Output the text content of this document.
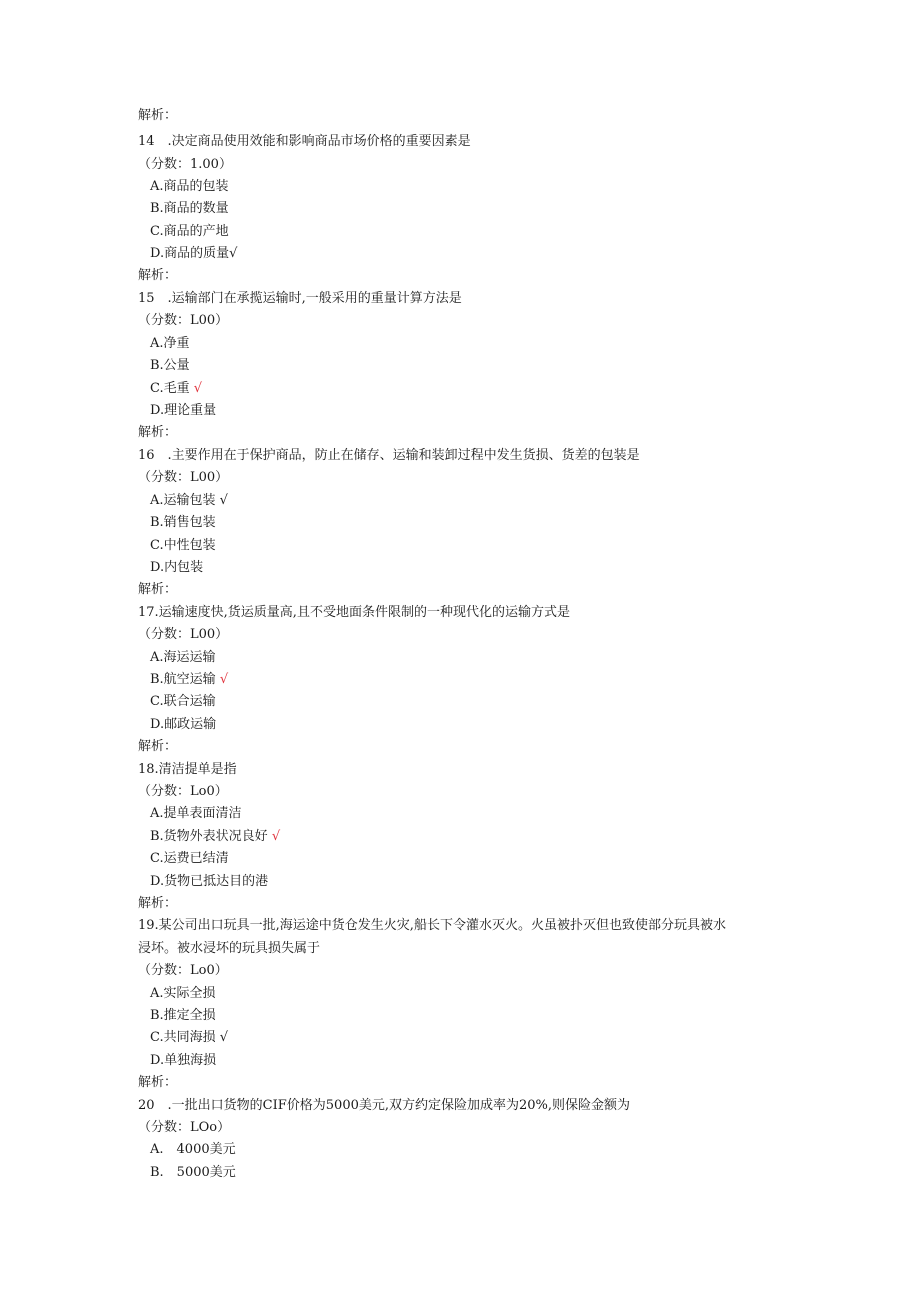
解析：
14　.决定商品使用效能和影响商品市场价格的重要因素是
（分数：1.00）
A.商品的包装
B.商品的数量
C.商品的产地
D.商品的质量√
解析：
15　.运输部门在承揽运输时,一般采用的重量计算方法是
（分数：L00）
A.净重
B.公量
C.毛重 √
D.理论重量
解析：
16　.主要作用在于保护商品，防止在储存、运输和装卸过程中发生货损、货差的包装是
（分数：L00）
A.运输包装 √
B.销售包装
C.中性包装
D.内包装
解析：
17.运输速度快,货运质量高,且不受地面条件限制的一种现代化的运输方式是
（分数：L00）
A.海运运输
B.航空运输 √
C.联合运输
D.邮政运输
解析：
18.清洁提单是指
（分数：Lo0）
A.提单表面清洁
B.货物外表状况良好 √
C.运费已结清
D.货物已抵达目的港
解析：
19.某公司出口玩具一批,海运途中货仓发生火灾,船长下令灌水灭火。火虽被扑灭但也致使部分玩具被水
浸坏。被水浸坏的玩具损失属于
（分数：Lo0）
A.实际全损
B.推定全损
C.共同海损 √
D.单独海损
解析：
20　.一批出口货物的CIF价格为5000美元,双方约定保险加成率为20%,则保险金额为
（分数：LOo）
A.　4000美元
B.　5000美元
